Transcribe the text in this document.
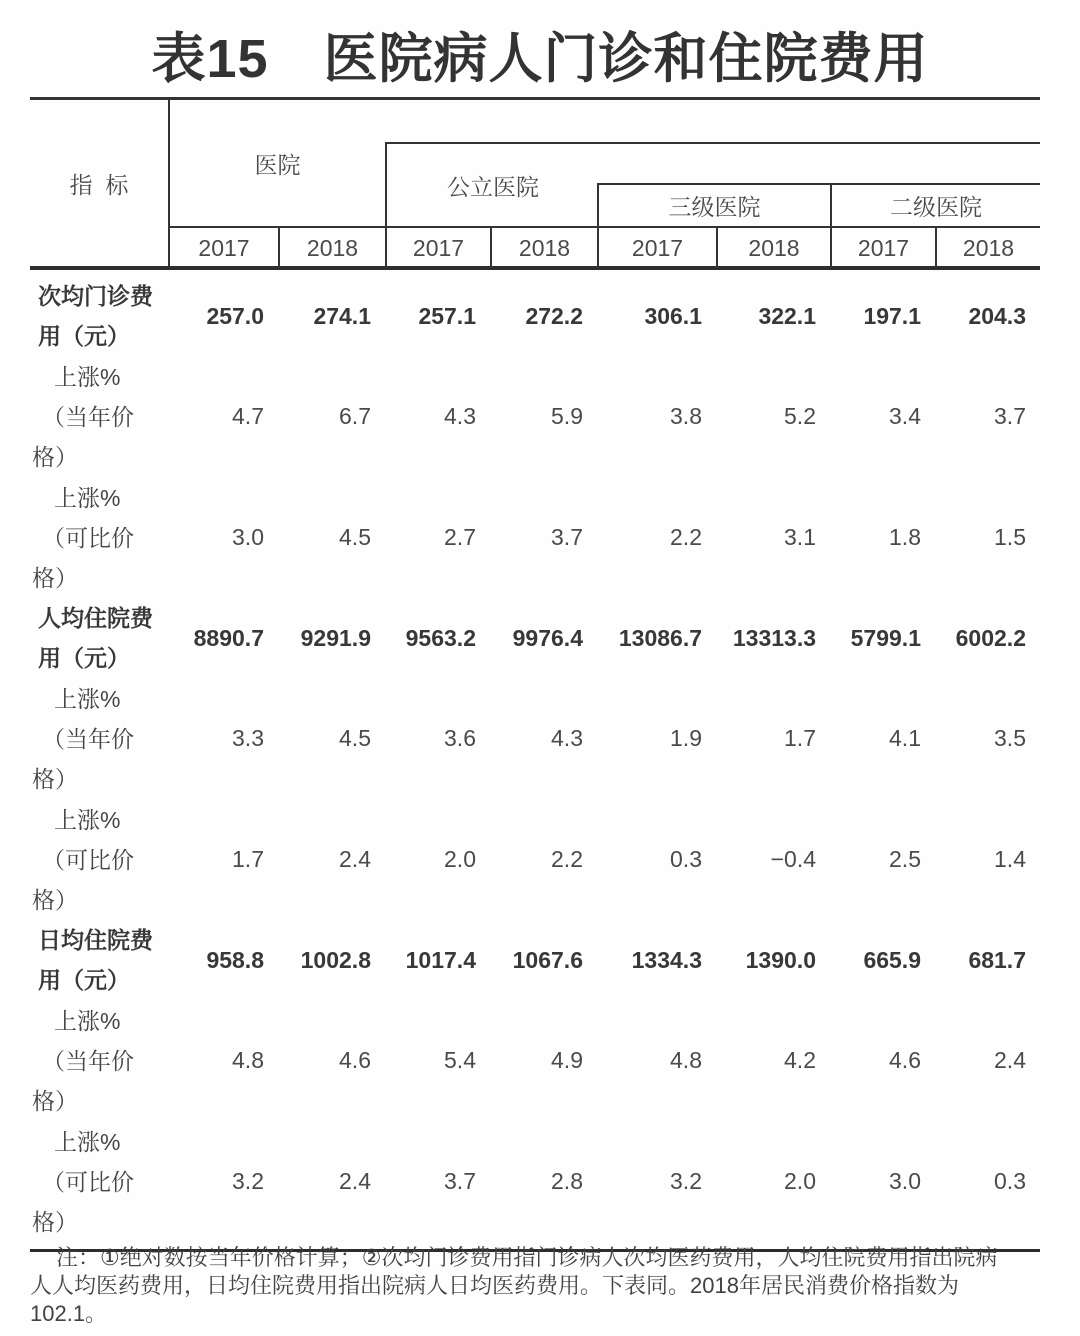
表15　医院病人门诊和住院费用
指  标
医院
公立医院
三级医院	二级医院
2017	2018	2017	2018	2017	2018	2017	2018
次均门诊费
用（元）
257.0	274.1	257.1	272.2	306.1	322.1	197.1	204.3
上涨%
（当年价
格）
4.7	6.7	4.3	5.9	3.8	5.2	3.4	3.7
上涨%
（可比价
格）
3.0	4.5	2.7	3.7	2.2	3.1	1.8	1.5
人均住院费
用（元）
8890.7	9291.9	9563.2	9976.4	13086.7	13313.3	5799.1	6002.2
上涨%
（当年价
格）
3.3	4.5	3.6	4.3	1.9	1.7	4.1	3.5
上涨%
（可比价
格）
1.7	2.4	2.0	2.2	0.3	−0.4	2.5	1.4
日均住院费
用（元）
958.8	1002.8	1017.4	1067.6	1334.3	1390.0	665.9	681.7
上涨%
（当年价
格）
4.8	4.6	5.4	4.9	4.8	4.2	4.6	2.4
上涨%
（可比价
格）
3.2	2.4	3.7	2.8	3.2	2.0	3.0	0.3
注：①绝对数按当年价格计算；②次均门诊费用指门诊病人次均医药费用，人均住院费用指出院病
人人均医药费用，日均住院费用指出院病人日均医药费用。下表同。2018年居民消费价格指数为
102.1。
